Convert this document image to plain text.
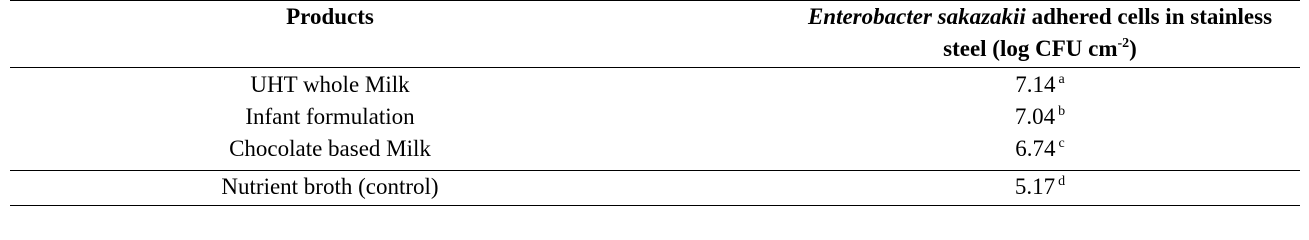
Products	Enterobacter sakazakii adhered cells in stainless
steel (log CFU $cm^{-2}$)
UHT whole Milk	7.14 $^a$
Infant formulation	7.04 $^b$
Chocolate based Milk	6.74 $^c$
Nutrient broth (control)	5.17 $^d$
